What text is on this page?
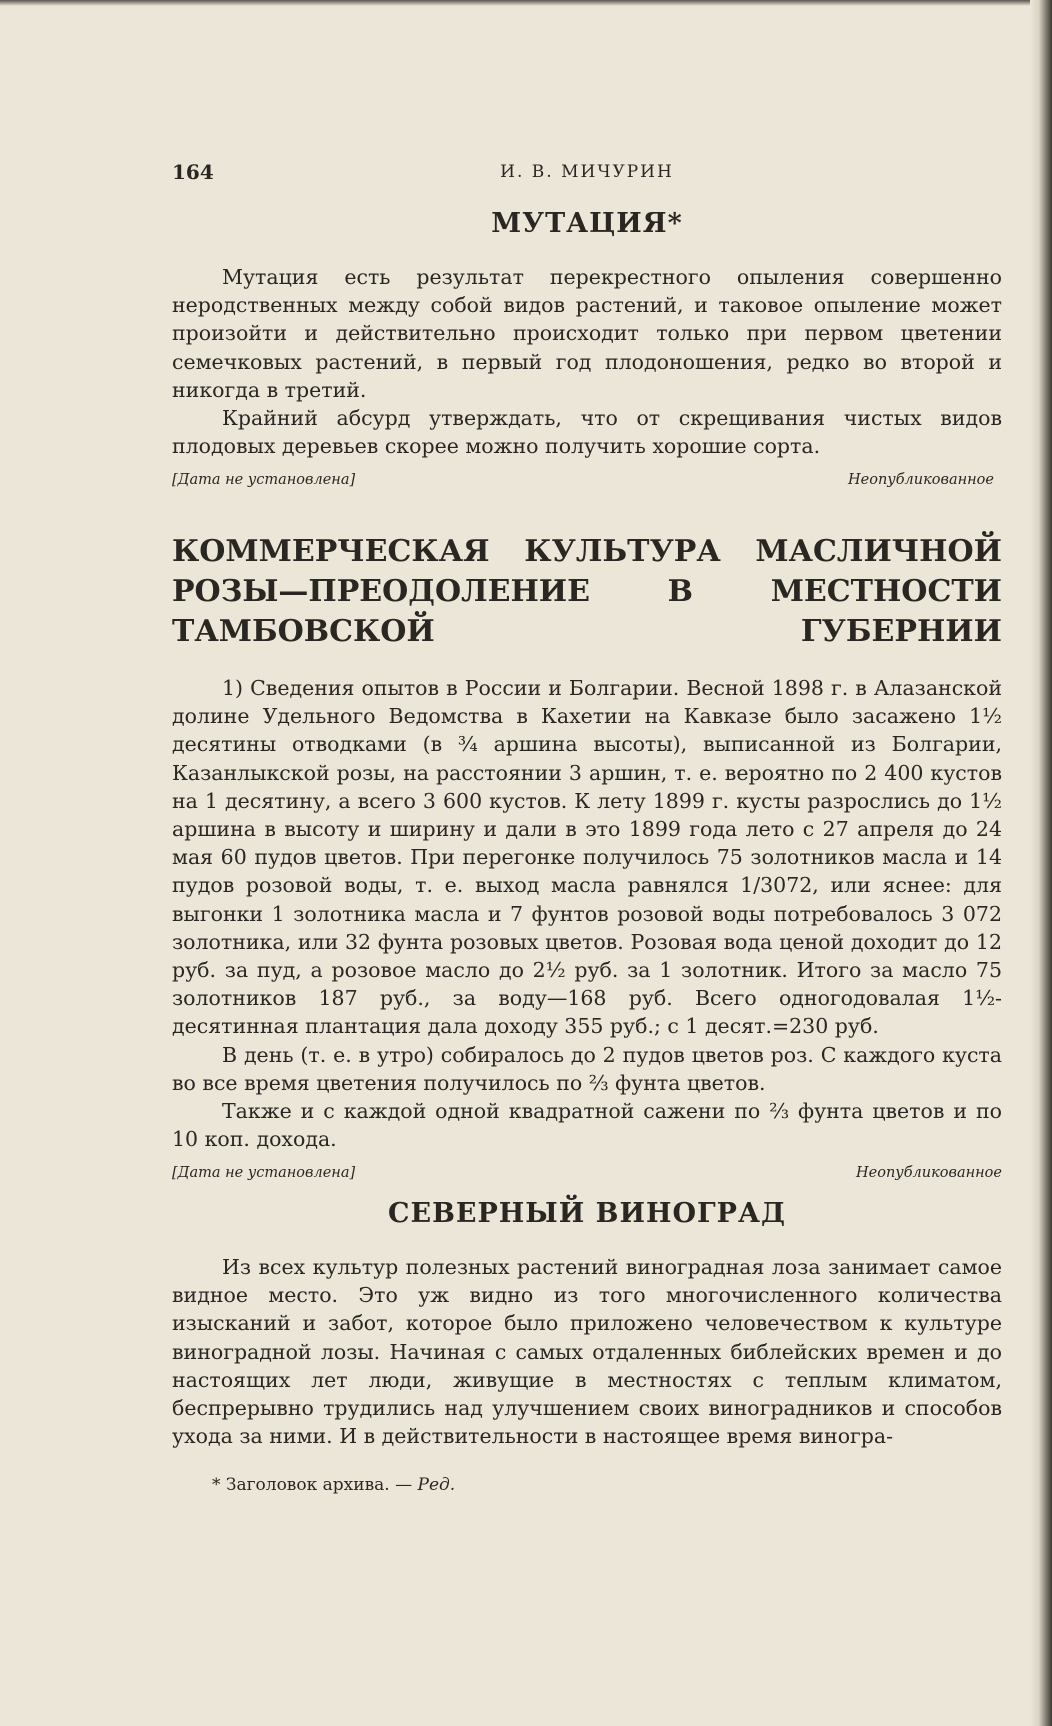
164	И. В. МИЧУРИН
МУТАЦИЯ*

Мутация есть результат перекрестного опыления совершенно неродственных между собой видов растений, и таковое опыление может произойти и действительно происходит только при первом цветении семечковых растений, в первый год плодоношения, редко во второй и никогда в третий.

Крайний абсурд утверждать, что от скрещивания чистых видов плодовых деревьев скорее можно получить хорошие сорта.

[Дата не установлена]	Неопубликованное
КОММЕРЧЕСКАЯ КУЛЬТУРА МАСЛИЧНОЙ РОЗЫ—ПРЕОДОЛЕНИЕ В МЕСТНОСТИ ТАМБОВСКОЙ ГУБЕРНИИ

1) Сведения опытов в России и Болгарии. Весной 1898 г. в Алазанской долине Удельного Ведомства в Кахетии на Кавказе было засажено 1½ десятины отводками (в ¾ аршина высоты), выписанной из Болгарии, Казанлыкской розы, на расстоянии 3 аршин, т. е. вероятно по 2 400 кустов на 1 десятину, а всего 3 600 кустов. К лету 1899 г. кусты разрослись до 1½ аршина в высоту и ширину и дали в это 1899 года лето с 27 апреля до 24 мая 60 пудов цветов. При перегонке получилось 75 золотников масла и 14 пудов розовой воды, т. е. выход масла равнялся 1/3072, или яснее: для выгонки 1 золотника масла и 7 фунтов розовой воды потребовалось 3 072 золотника, или 32 фунта розовых цветов. Розовая вода ценой доходит до 12 руб. за пуд, а розовое масло до 2½ руб. за 1 золотник. Итого за масло 75 золотников 187 руб., за воду—168 руб. Всего одногодовалая 1½-десятинная плантация дала доходу 355 руб.; с 1 десят.=230 руб.

В день (т. е. в утро) собиралось до 2 пудов цветов роз. С каждого куста во все время цветения получилось по ⅔ фунта цветов.

Также и с каждой одной квадратной сажени по ⅔ фунта цветов и по 10 коп. дохода.

[Дата не установлена]	Неопубликованное
СЕВЕРНЫЙ ВИНОГРАД

Из всех культур полезных растений виноградная лоза занимает самое видное место. Это уж видно из того многочисленного количества изысканий и забот, которое было приложено человечеством к культуре виноградной лозы. Начиная с самых отдаленных библейских времен и до настоящих лет люди, живущие в местностях с теплым климатом, беспрерывно трудились над улучшением своих виноградников и способов ухода за ними. И в действительности в настоящее время виногра-

* Заголовок архива. — Ред.
